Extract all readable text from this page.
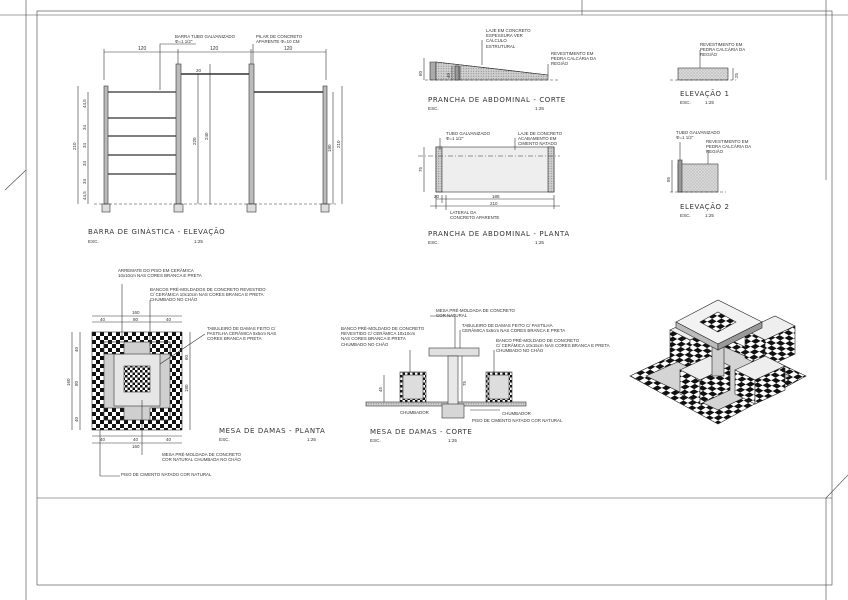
120	120	120
20
44,5
34
34
34
34
44,5
210
220
240
180
210
60	40
75
20	185
210
25
85
160
40	80	40
40	40	40
160
160
40
80
40
60
180	45
75
BARRA TUBO GALVANIZADO
Φ=1 1/2"
PILAR DE CONCRETO
APARENTE Φ=10 CM
BARRA DE GINÁSTICA - ELEVAÇÃO
ESC.	1:25
LAJE EM CONCRETO
ESPESSURA VER
CÁLCULO
ESTRUTURAL
REVESTIMENTO EM
PEDRA CALCÁRIA DA
REGIÃO
PRANCHA DE ABDOMINAL - CORTE
ESC.	1:25
TUBO GALVANIZADO
Φ=1 1/2"
LAJE DE CONCRETO
ACABAMENTO EM
CIMENTO NATADO
LATERAL DA
CONCRETO APARENTE
PRANCHA DE ABDOMINAL - PLANTA
ESC.	1:25
REVESTIMENTO EM
PEDRA CALCÁRIA DA
REGIÃO
ELEVAÇÃO 1
ESC.	1:25
TUBO GALVANIZADO
Φ=1 1/2"
REVESTIMENTO EM
PEDRA CALCÁRIA DA
REGIÃO
ELEVAÇÃO 2
ESC.	1:25
ARREMATE DO PISO EM CERÂMICA
10x10cm NAS CORES BRANCA E PRETA
BANCOS PRÉ-MOLDADOS DE CONCRETO REVESTIDO
C/ CERÂMICA 10x10cm NAS CORES BRANCA E PRETA
CHUMBADO NO CHÃO
TABULEIRO DE DAMAS FEITO C/
PASTILHA CERÂMICA 5x5cm NAS
CORES BRANCA E PRETA
MESA PRÉ-MOLDADA DE CONCRETO
COR NATURAL CHUMBADA NO CHÃO
PISO DE CIMENTO NATADO COR NATURAL
MESA DE DAMAS - PLANTA
ESC.	1:25
MESA PRÉ-MOLDADA DE CONCRETO
COR NATURAL
TABULEIRO DE DAMAS FEITO C/ PASTILHA
CERÂMICA 5x5cm NAS CORES BRANCA E PRETA
BANCO PRÉ-MOLDADO DE CONCRETO
REVESTIDO C/ CERÂMICA 10x10cm
NAS CORES BRANCA E PRETA
CHUMBADO NO CHÃO
BANCO PRÉ-MOLDADO DE CONCRETO
C/ CERÂMICA 10x15cm NAS CORES BRANCA E PRETA
CHUMBADO NO CHÃO
CHUMBADOR	CHUMBADOR
PISO DE CIMENTO NATADO COR NATURAL
MESA DE DAMAS - CORTE
ESC.	1:25
